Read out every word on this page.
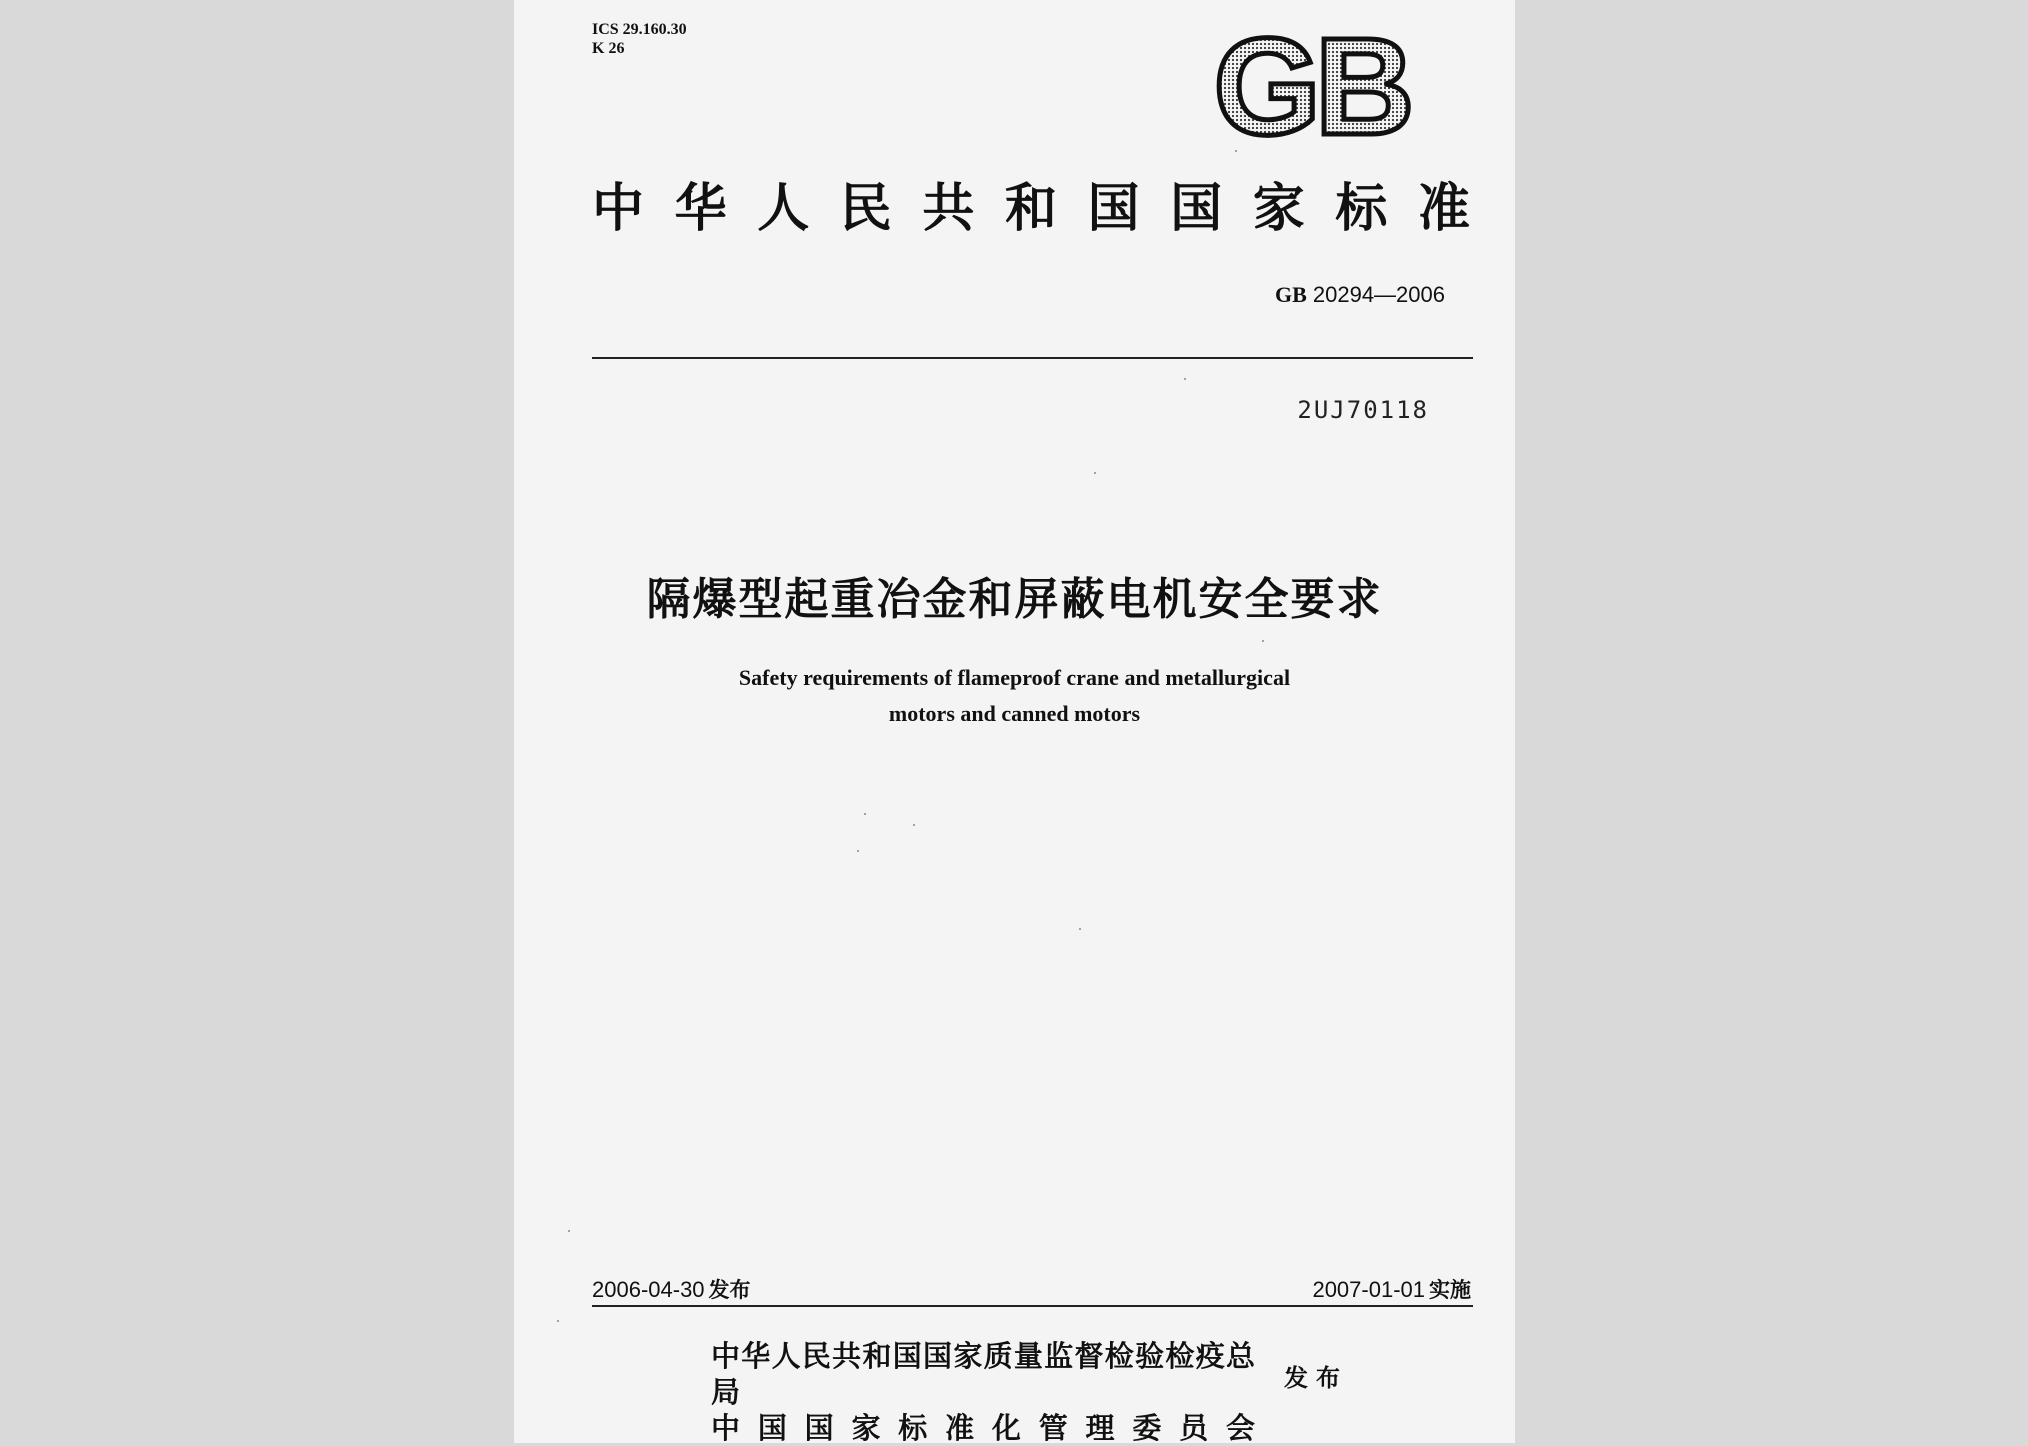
ICS 29.160.30
K 26	GB
中华人民共和国国家标准
GB 20294—2006
2UJ70118
隔爆型起重冶金和屏蔽电机安全要求
Safety requirements of flameproof crane and metallurgical
motors and canned motors
2006-04-30 发布	2007-01-01 实施
中华人民共和国国家质量监督检验检疫总局
中国国家标准化管理委员会
发布
